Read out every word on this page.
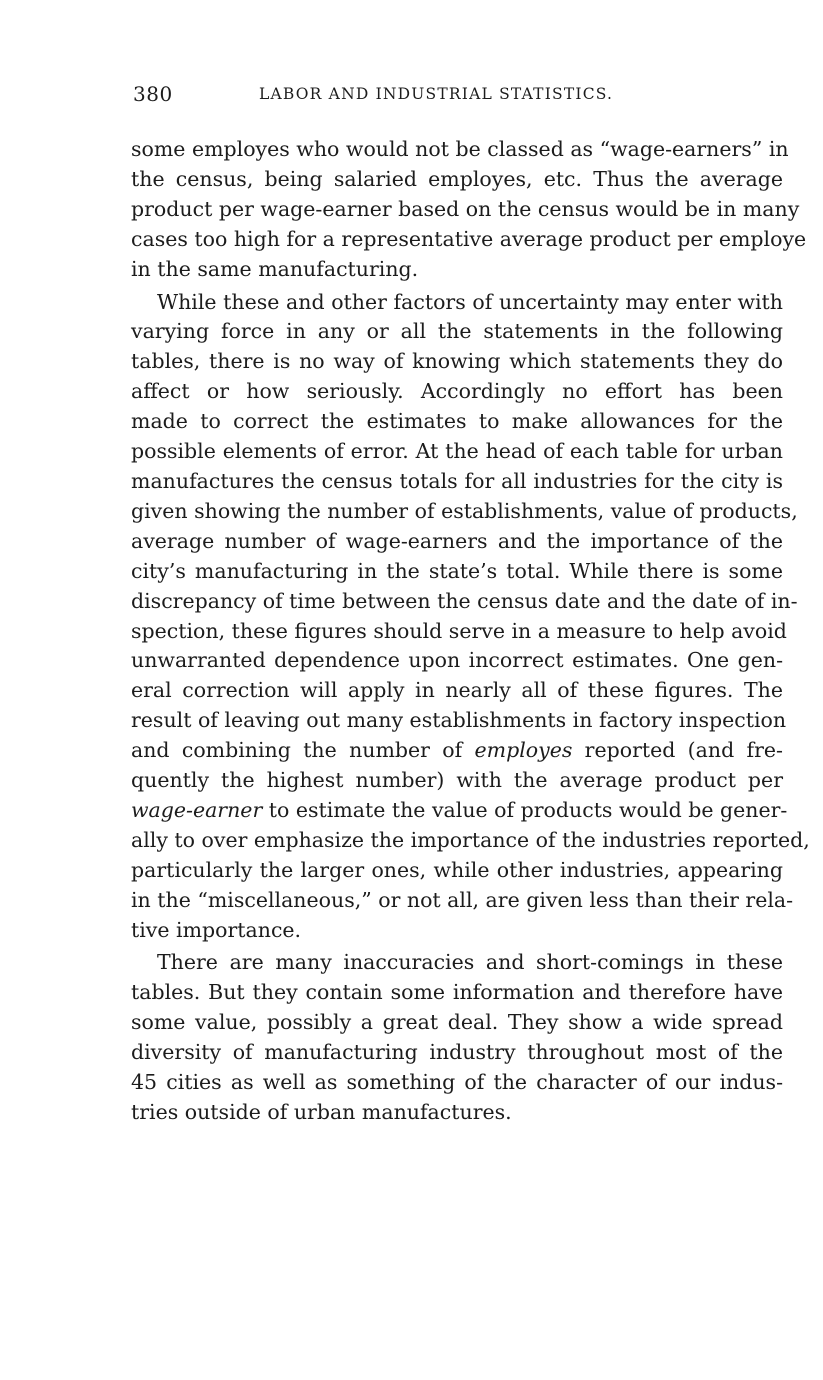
380	LABOR AND INDUSTRIAL STATISTICS.
some employes who would not be classed as “wage-earners” in
the census, being salaried employes, etc. Thus the average
product per wage-earner based on the census would be in many
cases too high for a representative average product per employe
in the same manufacturing.
While these and other factors of uncertainty may enter with
varying force in any or all the statements in the following
tables, there is no way of knowing which statements they do
affect or how seriously. Accordingly no effort has been
made to correct the estimates to make allowances for the
possible elements of error. At the head of each table for urban
manufactures the census totals for all industries for the city is
given showing the number of establishments, value of products,
average number of wage-earners and the importance of the
city’s manufacturing in the state’s total. While there is some
discrepancy of time between the census date and the date of in-
spection, these figures should serve in a measure to help avoid
unwarranted dependence upon incorrect estimates. One gen-
eral correction will apply in nearly all of these figures. The
result of leaving out many establishments in factory inspection
and combining the number of employes reported (and fre-
quently the highest number) with the average product per
wage-earner to estimate the value of products would be gener-
ally to over emphasize the importance of the industries reported,
particularly the larger ones, while other industries, appearing
in the “miscellaneous,” or not all, are given less than their rela-
tive importance.
There are many inaccuracies and short-comings in these
tables. But they contain some information and therefore have
some value, possibly a great deal. They show a wide spread
diversity of manufacturing industry throughout most of the
45 cities as well as something of the character of our indus-
tries outside of urban manufactures.
